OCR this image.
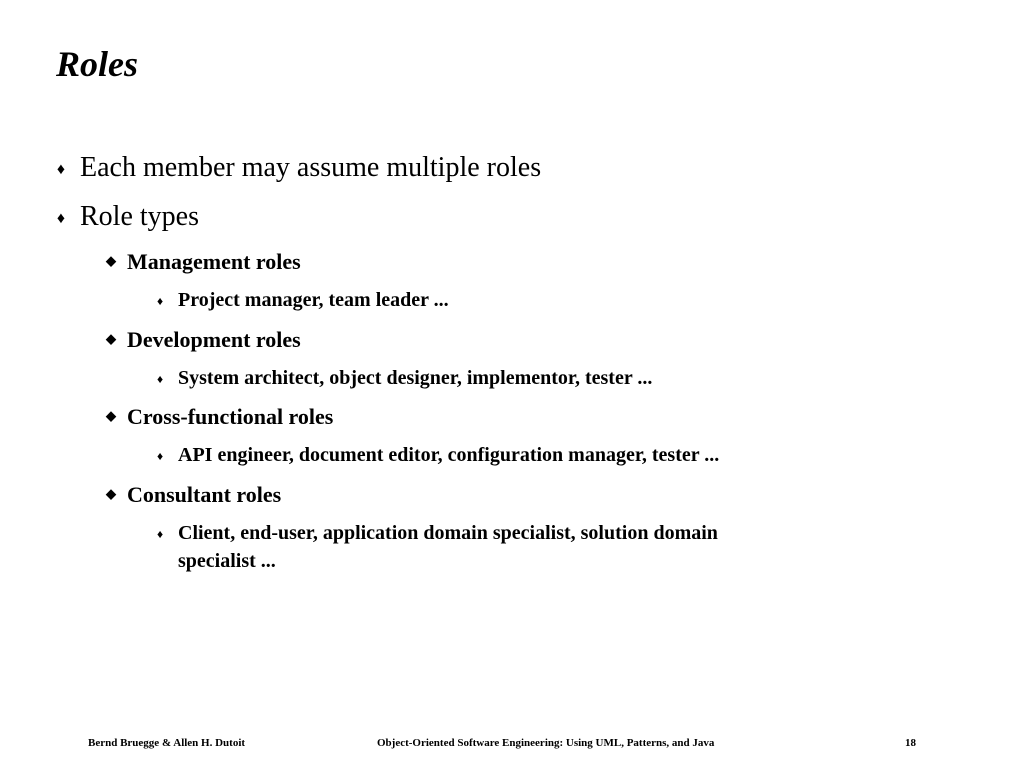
Roles
♦ Each member may assume multiple roles
♦ Role types
◆ Management roles
♦ Project manager, team leader ...
◆ Development roles
♦ System architect, object designer, implementor, tester ...
◆ Cross-functional roles
♦ API engineer, document editor, configuration manager, tester ...
◆ Consultant roles
♦ Client, end-user, application domain specialist, solution domain
specialist ...
Bernd Bruegge & Allen H. Dutoit	Object-Oriented Software Engineering: Using UML, Patterns, and Java	18
